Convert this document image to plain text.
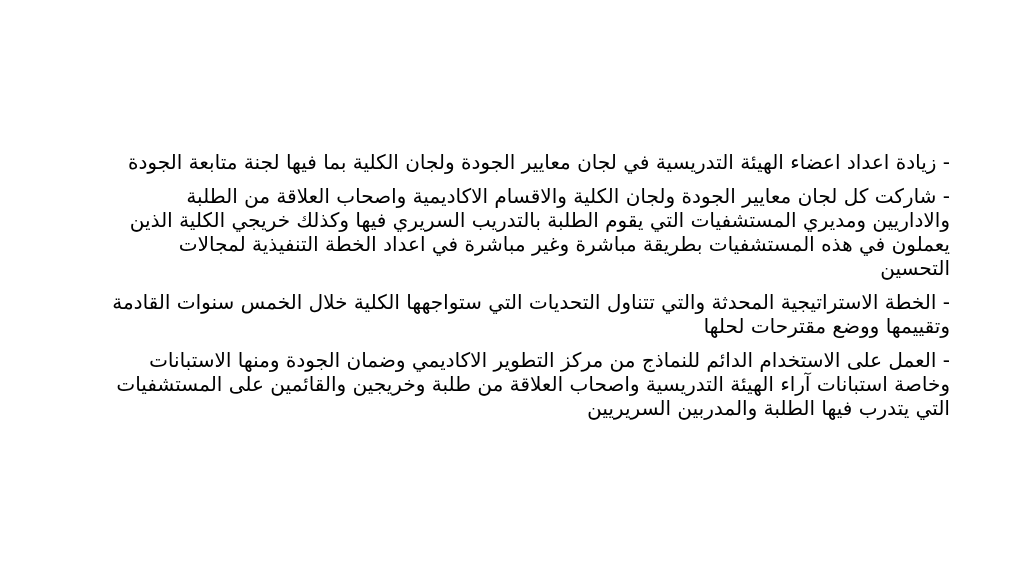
- زيادة اعداد اعضاء الهيئة التدريسية في لجان معايير الجودة ولجان الكلية بما فيها لجنة متابعة الجودة

- شاركت كل لجان معايير الجودة ولجان الكلية والاقسام الاكاديمية واصحاب العلاقة من الطلبة والاداريين ومديري المستشفيات التي يقوم الطلبة بالتدريب السريري فيها وكذلك خريجي الكلية الذين يعملون في هذه المستشفيات بطريقة مباشرة وغير مباشرة في اعداد الخطة التنفيذية لمجالات التحسين

- الخطة الاستراتيجية المحدثة والتي تتناول التحديات التي ستواجهها الكلية خلال الخمس سنوات القادمة وتقييمها ووضع مقترحات لحلها

- العمل على الاستخدام الدائم للنماذج من مركز التطوير الاكاديمي وضمان الجودة ومنها الاستبانات وخاصة استبانات آراء الهيئة التدريسية واصحاب العلاقة من طلبة وخريجين والقائمين على المستشفيات التي يتدرب فيها الطلبة والمدربين السريريين
